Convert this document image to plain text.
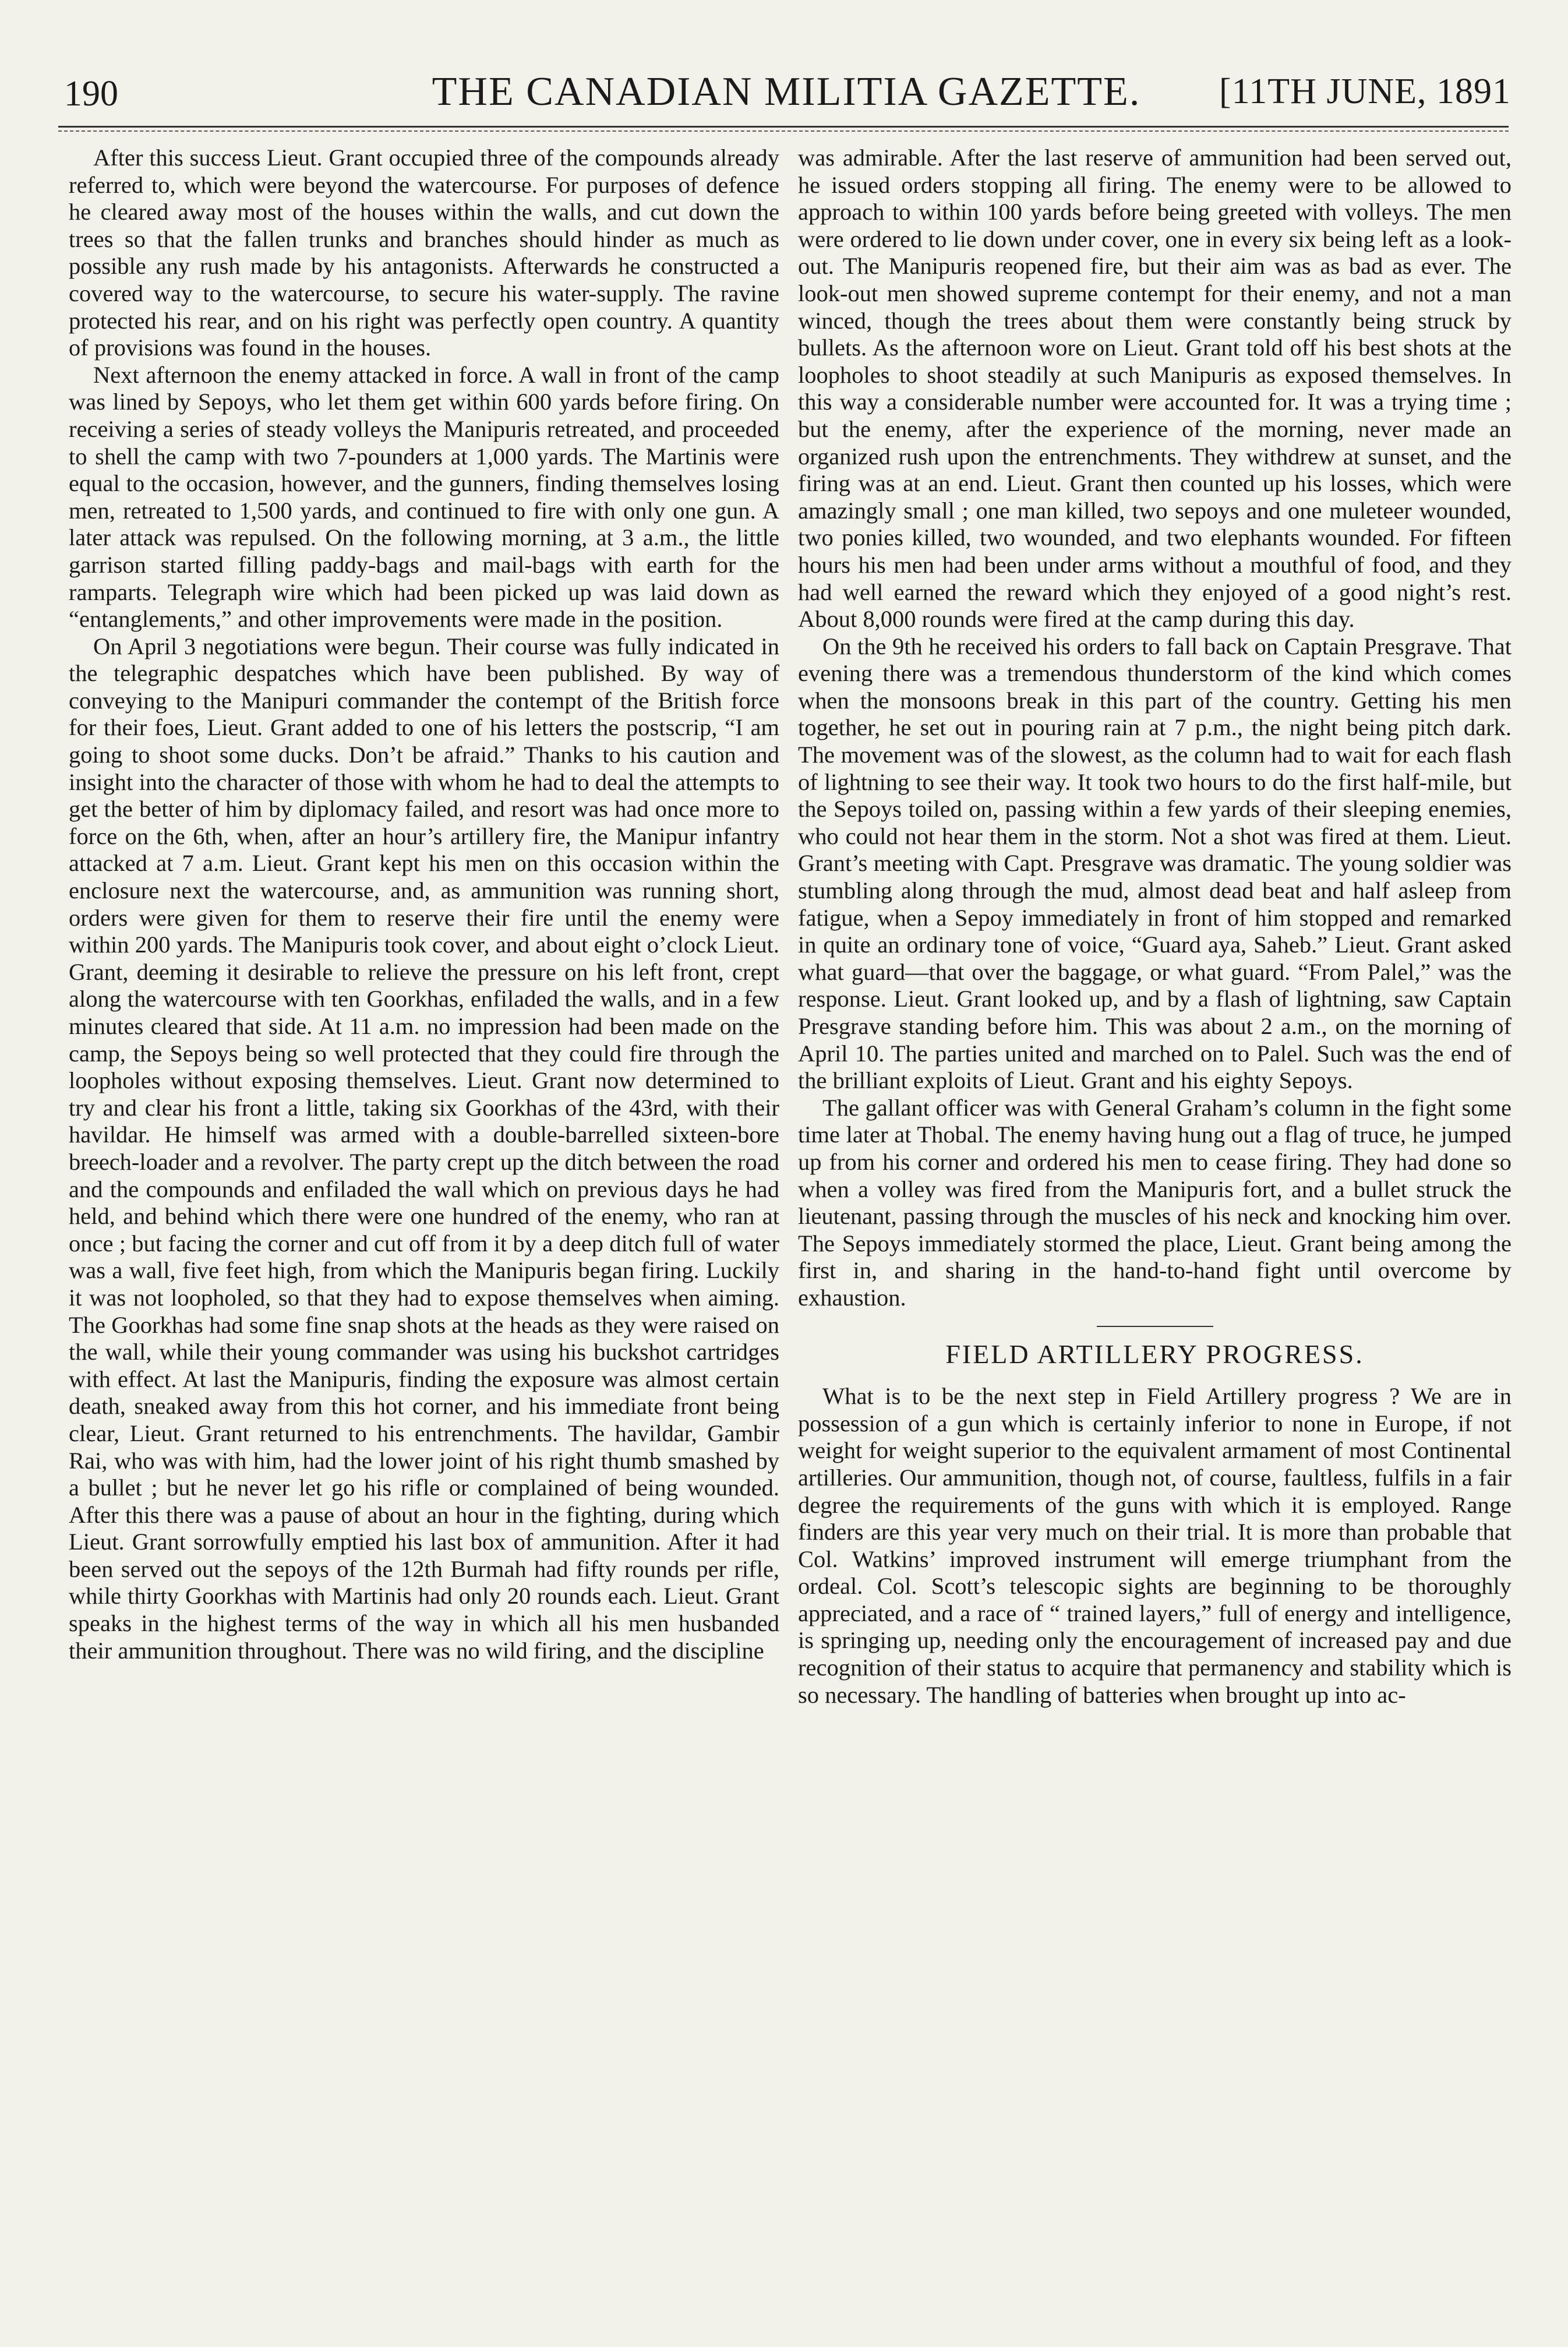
190	THE CANADIAN MILITIA GAZETTE.	[11TH JUNE, 1891

After this success Lieut. Grant occupied three of the compounds already referred to, which were beyond the watercourse. For purposes of defence he cleared away most of the houses within the walls, and cut down the trees so that the fallen trunks and branches should hinder as much as possible any rush made by his antagonists. Afterwards he constructed a covered way to the watercourse, to secure his water-supply. The ravine protected his rear, and on his right was perfectly open country. A quantity of provisions was found in the houses.

Next afternoon the enemy attacked in force. A wall in front of the camp was lined by Sepoys, who let them get within 600 yards before firing. On receiving a series of steady volleys the Manipuris retreated, and proceeded to shell the camp with two 7-pounders at 1,000 yards. The Martinis were equal to the occasion, however, and the gunners, finding themselves losing men, retreated to 1,500 yards, and continued to fire with only one gun. A later attack was repulsed. On the following morning, at 3 a.m., the little garrison started filling paddy-bags and mail-bags with earth for the ramparts. Telegraph wire which had been picked up was laid down as “entanglements,” and other improvements were made in the position.

On April 3 negotiations were begun. Their course was fully indicated in the telegraphic despatches which have been published. By way of conveying to the Manipuri commander the contempt of the British force for their foes, Lieut. Grant added to one of his letters the postscrip, “I am going to shoot some ducks. Don’t be afraid.” Thanks to his caution and insight into the character of those with whom he had to deal the attempts to get the better of him by diplomacy failed, and resort was had once more to force on the 6th, when, after an hour’s artillery fire, the Manipur infantry attacked at 7 a.m. Lieut. Grant kept his men on this occasion within the enclosure next the watercourse, and, as ammunition was running short, orders were given for them to reserve their fire until the enemy were within 200 yards. The Manipuris took cover, and about eight o’clock Lieut. Grant, deeming it desirable to relieve the pressure on his left front, crept along the watercourse with ten Goorkhas, enfiladed the walls, and in a few minutes cleared that side. At 11 a.m. no impression had been made on the camp, the Sepoys being so well protected that they could fire through the loopholes without exposing themselves. Lieut. Grant now determined to try and clear his front a little, taking six Goorkhas of the 43rd, with their havildar. He himself was armed with a double-barrelled sixteen-bore breech-loader and a revolver. The party crept up the ditch between the road and the compounds and enfiladed the wall which on previous days he had held, and behind which there were one hundred of the enemy, who ran at once ; but facing the corner and cut off from it by a deep ditch full of water was a wall, five feet high, from which the Manipuris began firing. Luckily it was not loopholed, so that they had to expose themselves when aiming. The Goorkhas had some fine snap shots at the heads as they were raised on the wall, while their young commander was using his buckshot cartridges with effect. At last the Manipuris, finding the exposure was almost certain death, sneaked away from this hot corner, and his immediate front being clear, Lieut. Grant returned to his entrenchments. The havildar, Gambir Rai, who was with him, had the lower joint of his right thumb smashed by a bullet ; but he never let go his rifle or complained of being wounded. After this there was a pause of about an hour in the fighting, during which Lieut. Grant sorrowfully emptied his last box of ammunition. After it had been served out the sepoys of the 12th Burmah had fifty rounds per rifle, while thirty Goorkhas with Martinis had only 20 rounds each. Lieut. Grant speaks in the highest terms of the way in which all his men husbanded their ammunition throughout. There was no wild firing, and the discipline

was admirable. After the last reserve of ammunition had been served out, he issued orders stopping all firing. The enemy were to be allowed to approach to within 100 yards before being greeted with volleys. The men were ordered to lie down under cover, one in every six being left as a look-out. The Manipuris reopened fire, but their aim was as bad as ever. The look-out men showed supreme contempt for their enemy, and not a man winced, though the trees about them were constantly being struck by bullets. As the afternoon wore on Lieut. Grant told off his best shots at the loopholes to shoot steadily at such Manipuris as exposed themselves. In this way a considerable number were accounted for. It was a trying time ; but the enemy, after the experience of the morning, never made an organized rush upon the entrenchments. They withdrew at sunset, and the firing was at an end. Lieut. Grant then counted up his losses, which were amazingly small ; one man killed, two sepoys and one muleteer wounded, two ponies killed, two wounded, and two elephants wounded. For fifteen hours his men had been under arms without a mouthful of food, and they had well earned the reward which they enjoyed of a good night’s rest. About 8,000 rounds were fired at the camp during this day.

On the 9th he received his orders to fall back on Captain Presgrave. That evening there was a tremendous thunderstorm of the kind which comes when the monsoons break in this part of the country. Getting his men together, he set out in pouring rain at 7 p.m., the night being pitch dark. The movement was of the slowest, as the column had to wait for each flash of lightning to see their way. It took two hours to do the first half-mile, but the Sepoys toiled on, passing within a few yards of their sleeping enemies, who could not hear them in the storm. Not a shot was fired at them. Lieut. Grant’s meeting with Capt. Presgrave was dramatic. The young soldier was stumbling along through the mud, almost dead beat and half asleep from fatigue, when a Sepoy immediately in front of him stopped and remarked in quite an ordinary tone of voice, “Guard aya, Saheb.” Lieut. Grant asked what guard—that over the baggage, or what guard. “From Palel,” was the response. Lieut. Grant looked up, and by a flash of lightning, saw Captain Presgrave standing before him. This was about 2 a.m., on the morning of April 10. The parties united and marched on to Palel. Such was the end of the brilliant exploits of Lieut. Grant and his eighty Sepoys.

The gallant officer was with General Graham’s column in the fight some time later at Thobal. The enemy having hung out a flag of truce, he jumped up from his corner and ordered his men to cease firing. They had done so when a volley was fired from the Manipuris fort, and a bullet struck the lieutenant, passing through the muscles of his neck and knocking him over. The Sepoys immediately stormed the place, Lieut. Grant being among the first in, and sharing in the hand-to-hand fight until overcome by exhaustion.

FIELD ARTILLERY PROGRESS.

What is to be the next step in Field Artillery progress ? We are in possession of a gun which is certainly inferior to none in Europe, if not weight for weight superior to the equivalent armament of most Continental artilleries. Our ammunition, though not, of course, faultless, fulfils in a fair degree the requirements of the guns with which it is employed. Range finders are this year very much on their trial. It is more than probable that Col. Watkins’ improved instrument will emerge triumphant from the ordeal. Col. Scott’s telescopic sights are beginning to be thoroughly appreciated, and a race of “ trained layers,” full of energy and intelligence, is springing up, needing only the encouragement of increased pay and due recognition of their status to acquire that permanency and stability which is so necessary. The handling of batteries when brought up into ac-
